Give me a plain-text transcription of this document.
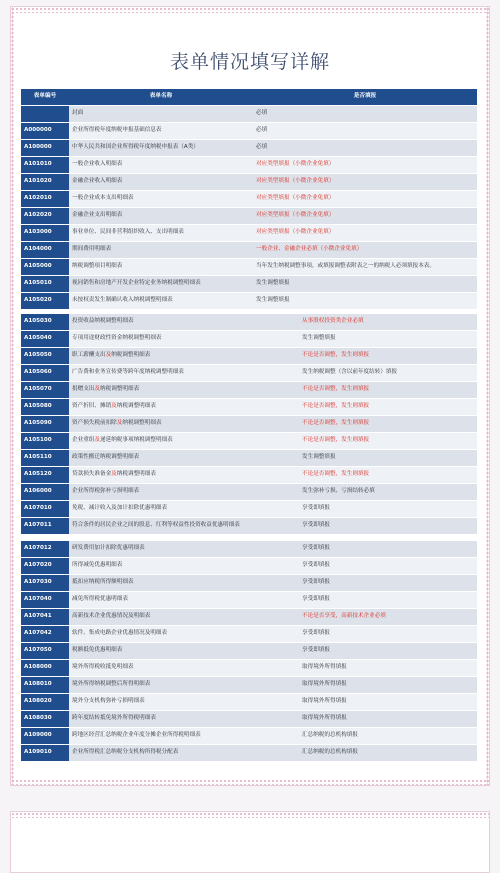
表单情况填写详解
表单编号	表单名称	是否填报
	封面	必填
A000000	企业所得税年度纳税申报基础信息表	必填
A100000	中华人民共和国企业所得税年度纳税申报表（A类）	必填
A101010	一般企业收入明细表	对应类型填报（小微企业免填）
A101020	金融企业收入明细表	对应类型填报（小微企业免填）
A102010	一般企业成本支出明细表	对应类型填报（小微企业免填）
A102020	金融企业支出明细表	对应类型填报（小微企业免填）
A103000	事业单位、民间非营利组织收入、支出明细表	对应类型填报（小微企业免填）
A104000	期间费用明细表	一般企业、金融企业必填（小微企业免填）
A105000	纳税调整项目明细表	当年发生纳税调整事项，或填报调整表附表之一的纳税人必须填报本表。
A105010	视同销售和房地产开发企业特定业务纳税调整明细表	发生调整填报
A105020	未按权责发生制确认收入纳税调整明细表	发生调整填报
A105030	投资收益纳税调整明细表	从事股权投资类企业必填
A105040	专项用途财政性资金纳税调整明细表	发生调整填报
A105050	职工薪酬支出及纳税调整明细表	不论是否调整，发生则填报
A105060	广告费和业务宣传费等跨年度纳税调整明细表	发生纳税调整（含以前年度结转）填报
A105070	捐赠支出及纳税调整明细表	不论是否调整，发生则填报
A105080	资产折旧、摊销及纳税调整明细表	不论是否调整，发生则填报
A105090	资产损失税前扣除及纳税调整明细表	不论是否调整，发生则填报
A105100	企业重组及递延纳税事项纳税调整明细表	不论是否调整，发生则填报
A105110	政策性搬迁纳税调整明细表	发生调整填报
A105120	贷款损失准备金及纳税调整明细表	不论是否调整，发生则填报
A106000	企业所得税弥补亏损明细表	发生弥补亏损、亏损结转必填
A107010	免税、减计收入及加计扣除优惠明细表	享受即填报
A107011	符合条件的居民企业之间的股息、红利等权益性投资收益优惠明细表	享受即填报
A107012	研发费用加计扣除优惠明细表	享受即填报
A107020	所得减免优惠明细表	享受即填报
A107030	抵扣应纳税所得额明细表	享受即填报
A107040	减免所得税优惠明细表	享受即填报
A107041	高新技术企业优惠情况及明细表	不论是否享受，高新技术企业必填
A107042	软件、集成电路企业优惠情况及明细表	享受即填报
A107050	税额抵免优惠明细表	享受即填报
A108000	境外所得税收抵免明细表	取得境外所得填报
A108010	境外所得纳税调整后所得明细表	取得境外所得填报
A108020	境外分支机构弥补亏损明细表	取得境外所得填报
A108030	跨年度结转抵免境外所得税明细表	取得境外所得填报
A109000	跨地区经营汇总纳税企业年度分摊企业所得税明细表	汇总纳税的总机构填报
A109010	企业所得税汇总纳税分支机构所得税分配表	汇总纳税的总机构填报
